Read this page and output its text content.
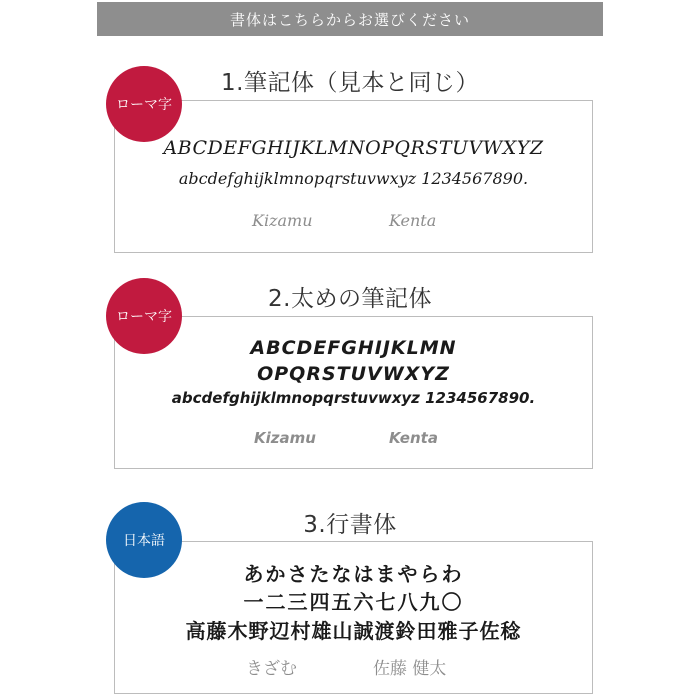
書体はこちらからお選びください
1.筆記体（見本と同じ）
ABCDEFGHIJKLMNOPQRSTUVWXYZ
abcdefghijklmnopqrstuvwxyz 1234567890.
Kizamu	Kenta
ローマ字
2.太めの筆記体
ABCDEFGHIJKLMN
OPQRSTUVWXYZ
abcdefghijklmnopqrstuvwxyz 1234567890.
Kizamu	Kenta
ローマ字
3.行書体
あかさたなはまやらわ
一二三四五六七八九〇
高藤木野辺村雄山誠渡鈴田雅子佐稔
きざむ	佐藤 健太
日本語
